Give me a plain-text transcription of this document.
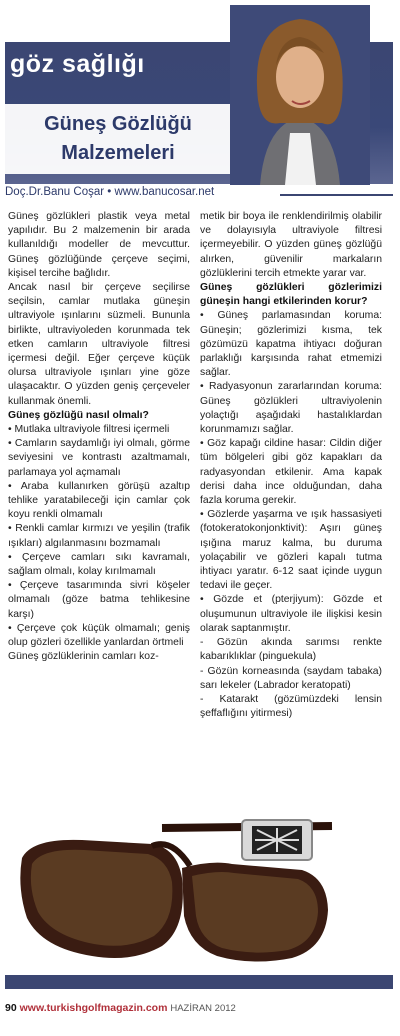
göz sağlığı
Güneş Gözlüğü
Malzemeleri
Doç.Dr.Banu Coşar • www.banucosar.net

Güneş gözlükleri plastik veya metal yapılıdır. Bu 2 malzemenin bir arada kullanıldığı modeller de mevcuttur. Güneş gözlüğünde çerçeve seçimi, kişisel tercihe bağlıdır.

Ancak nasıl bir çerçeve seçilirse seçilsin, camlar mutlaka güneşin ultraviyole ışınlarını süzmeli. Bununla birlikte, ultraviyoleden korunmada tek etken camların ultraviyole filtresi içermesi değil. Eğer çerçeve küçük olursa ultraviyole ışınları yine göze ulaşacaktır. O yüzden geniş çerçeveler kullanmak önemli.

Güneş gözlüğü nasıl olmalı?

• Mutlaka ultraviyole filtresi içermeli

• Camların saydamlığı iyi olmalı, görme seviyesini ve kontrastı azaltmamalı, parlamaya yol açmamalı

• Araba kullanırken görüşü azaltıp tehlike yaratabileceği için camlar çok koyu renkli olmamalı

• Renkli camlar kırmızı ve yeşilin (trafik ışıkları) algılanmasını bozmamalı

• Çerçeve camları sıkı kavramalı, sağlam olmalı, kolay kırılmamalı

• Çerçeve tasarımında sivri köşeler olmamalı (göze batma tehlikesine karşı)

• Çerçeve çok küçük olmamalı; geniş olup gözleri özellikle yanlardan örtmeli

Güneş gözlüklerinin camları koz-

metik bir boya ile renklendirilmiş olabilir ve dolayısıyla ultraviyole filtresi içermeyebilir. O yüzden güneş gözlüğü alırken, güvenilir markaların gözlüklerini tercih etmekte yarar var.

Güneş gözlükleri gözlerimizi güneşin hangi etkilerinden korur?

• Güneş parlamasından koruma: Güneşin; gözlerimizi kısma, tek gözümüzü kapatma ihtiyacı doğuran parlaklığı karşısında rahat etmemizi sağlar.

• Radyasyonun zararlarından koruma: Güneş gözlükleri ultraviyolenin yolaçtığı aşağıdaki hastalıklardan korunmamızı sağlar.

• Göz kapağı cildine hasar: Cildin diğer tüm bölgeleri gibi göz kapakları da radyasyondan etkilenir. Ama kapak derisi daha ince olduğundan, daha fazla koruma gerekir.

• Gözlerde yaşarma ve ışık hassasiyeti (fotokeratokonjonktivit): Aşırı güneş ışığına maruz kalma, bu duruma yolaçabilir ve gözleri kapalı tutma ihtiyacı yaratır. 6-12 saat içinde uygun tedavi ile geçer.

• Gözde et (pterjiyum): Gözde et oluşumunun ultraviyole ile ilişkisi kesin olarak saptanmıştır.

- Gözün akında sarımsı renkte kabarıklıklar (pinguekula)

- Gözün korneasında (saydam tabaka) sarı lekeler (Labrador keratopati)

- Katarakt (gözümüzdeki lensin şeffaflığını yitirmesi)

90 www.turkishgolfmagazin.com HAZİRAN 2012
